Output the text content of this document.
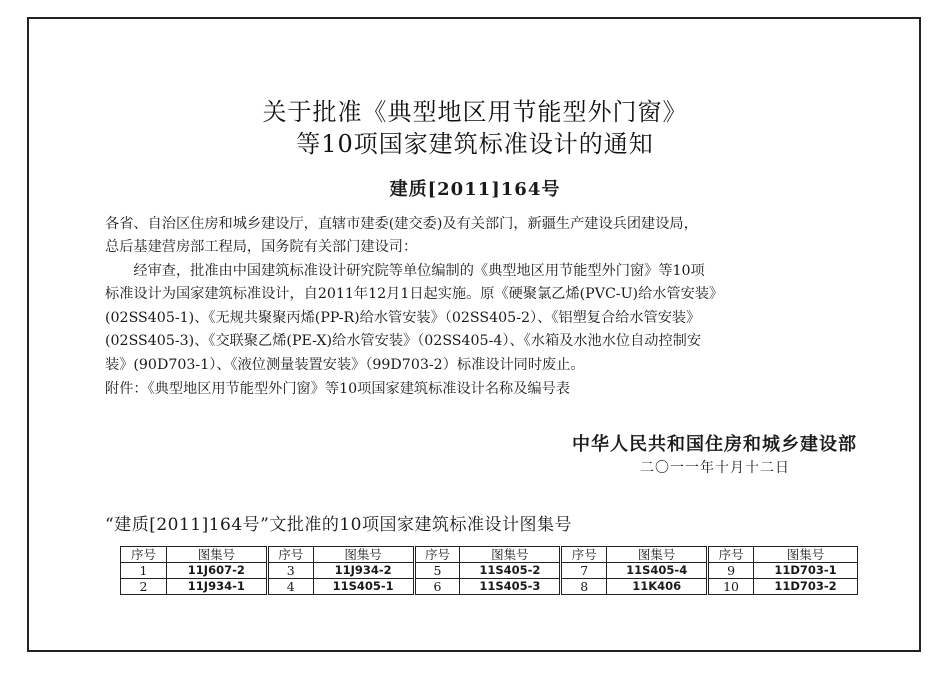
关于批准《典型地区用节能型外门窗》
等10项国家建筑标准设计的通知
建质[2011]164号
各省、自治区住房和城乡建设厅，直辖市建委(建交委)及有关部门，新疆生产建设兵团建设局，
总后基建营房部工程局，国务院有关部门建设司：
　　经审查，批准由中国建筑标准设计研究院等单位编制的《典型地区用节能型外门窗》等10项
标准设计为国家建筑标准设计，自2011年12月1日起实施。原《硬聚氯乙烯(PVC-U)给水管安装》
(02SS405-1)、《无规共聚聚丙烯(PP-R)给水管安装》（02SS405-2）、《铝塑复合给水管安装》
(02SS405-3)、《交联聚乙烯(PE-X)给水管安装》（02SS405-4）、《水箱及水池水位自动控制安
装》(90D703-1）、《液位测量装置安装》（99D703-2）标准设计同时废止。
附件：《典型地区用节能型外门窗》等10项国家建筑标准设计名称及编号表
中华人民共和国住房和城乡建设部
二〇一一年十月十二日
“建质[2011]164号”文批准的10项国家建筑标准设计图集号
序号	图集号	序号	图集号	序号	图集号	序号	图集号	序号	图集号
1	11J607-2	3	11J934-2	5	11S405-2	7	11S405-4	9	11D703-1
2	11J934-1	4	11S405-1	6	11S405-3	8	11K406	10	11D703-2
